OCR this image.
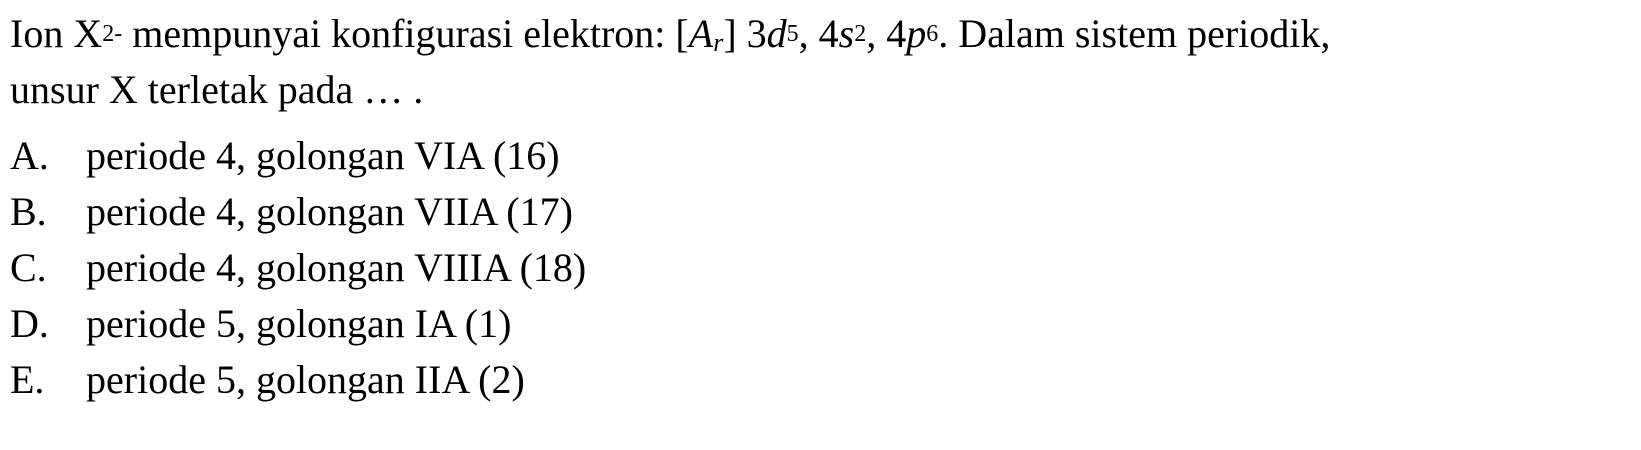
Ion $X^{2-}$ mempunyai konfigurasi elektron: $[A_r]$ $3d^5$, $4s^2$, $4p^6$. Dalam sistem periodik,
unsur X terletak pada … .
A. periode 4, golongan VIA (16)
B. periode 4, golongan VIIA (17)
C. periode 4, golongan VIIIA (18)
D. periode 5, golongan IA (1)
E.	periode 5, golongan IIA (2)
